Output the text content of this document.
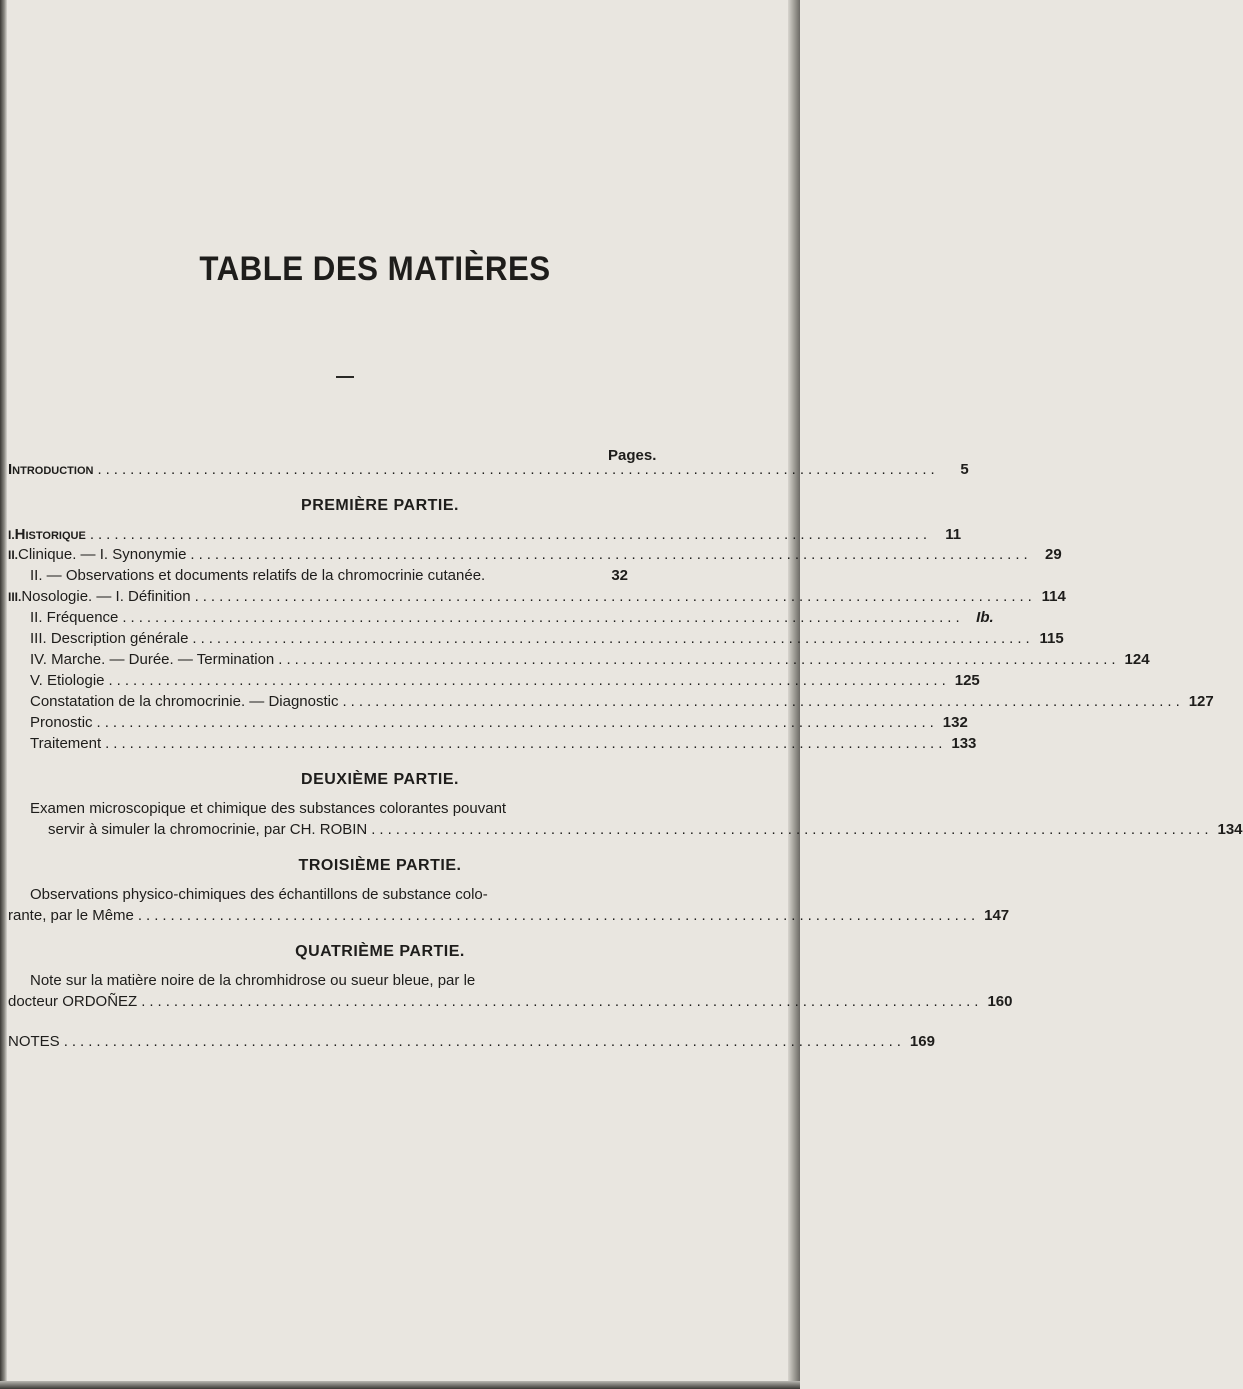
TABLE DES MATIÈRES
Pages.
Introduction .......................................................................................................	5
PREMIÈRE PARTIE.
I. Historique ....................................................................................................... 11
II. Clinique. — I. Synonymie ....................................................................................................... 29
II. — Observations et documents relatifs de la chromocrinie cutanée.	32
III. Nosologie. — I. Définition ....................................................................................................... 114
II. Fréquence ....................................................................................................... Ib.
III. Description générale ....................................................................................................... 115
IV. Marche. — Durée. — Termination ....................................................................................................... 124
V. Etiologie ....................................................................................................... 125
Constatation de la chromocrinie. — Diagnostic ....................................................................................................... 127
Pronostic ....................................................................................................... 132
Traitement ....................................................................................................... 133
DEUXIÈME PARTIE.
Examen microscopique et chimique des substances colorantes pouvant
servir à simuler la chromocrinie, par CH. ROBIN ....................................................................................................... 134
TROISIÈME PARTIE.
Observations physico-chimiques des échantillons de substance colo-
rante, par le Même ....................................................................................................... 147
QUATRIÈME PARTIE.
Note sur la matière noire de la chromhidrose ou sueur bleue, par le
docteur ORDOÑEZ ....................................................................................................... 160
NOTES ....................................................................................................... 169
